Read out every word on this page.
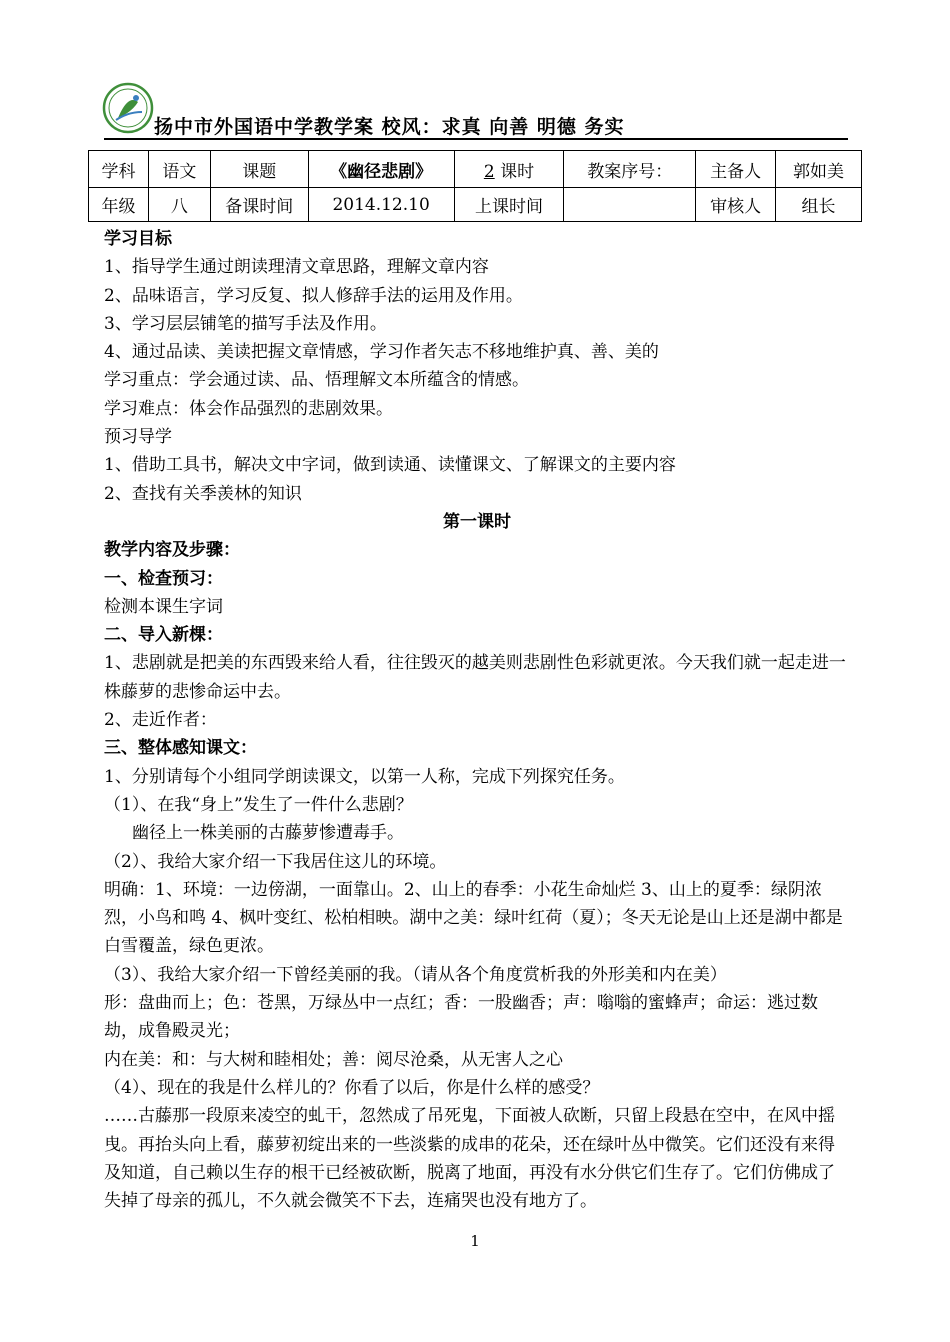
扬中市外国语中学教学案 校风：求真 向善 明德 务实
学科	语文	课题	《幽径悲剧》	2 课时	教案序号：	主备人	郭如美
年级	八	备课时间	2014.12.10	上课时间		审核人	组长

学习目标

1、指导学生通过朗读理清文章思路，理解文章内容

2、品味语言，学习反复、拟人修辞手法的运用及作用。

3、学习层层铺笔的描写手法及作用。

4、通过品读、美读把握文章情感，学习作者矢志不移地维护真、善、美的

学习重点：学会通过读、品、悟理解文本所蕴含的情感。

学习难点：体会作品强烈的悲剧效果。

预习导学

1、借助工具书，解决文中字词，做到读通、读懂课文、了解课文的主要内容

2、查找有关季羡林的知识

第一课时

教学内容及步骤：

一、检查预习：

检测本课生字词

二、导入新棵：

1、悲剧就是把美的东西毁来给人看，往往毁灭的越美则悲剧性色彩就更浓。今天我们就一起走进一株藤萝的悲惨命运中去。

2、走近作者：

三、整体感知课文：

1、分别请每个小组同学朗读课文，以第一人称，完成下列探究任务。

（1）、在我“身上”发生了一件什么悲剧？

幽径上一株美丽的古藤萝惨遭毒手。

（2）、我给大家介绍一下我居住这儿的环境。

明确：1、环境：一边傍湖，一面靠山。2、山上的春季：小花生命灿烂 3、山上的夏季：绿阴浓烈，小鸟和鸣 4、枫叶变红、松柏相映。湖中之美：绿叶红荷（夏）；冬天无论是山上还是湖中都是白雪覆盖，绿色更浓。

（3）、我给大家介绍一下曾经美丽的我。（请从各个角度赏析我的外形美和内在美）

形：盘曲而上；色：苍黑，万绿丛中一点红；香：一股幽香；声：嗡嗡的蜜蜂声；命运：逃过数劫，成鲁殿灵光；

内在美：和：与大树和睦相处；善：阅尽沧桑，从无害人之心

（4）、现在的我是什么样儿的？你看了以后，你是什么样的感受？

……古藤那一段原来凌空的虬干，忽然成了吊死鬼，下面被人砍断，只留上段悬在空中，在风中摇曳。再抬头向上看，藤萝初绽出来的一些淡紫的成串的花朵，还在绿叶丛中微笑。它们还没有来得及知道，自己赖以生存的根干已经被砍断，脱离了地面，再没有水分供它们生存了。它们仿佛成了失掉了母亲的孤儿，不久就会微笑不下去，连痛哭也没有地方了。

1
